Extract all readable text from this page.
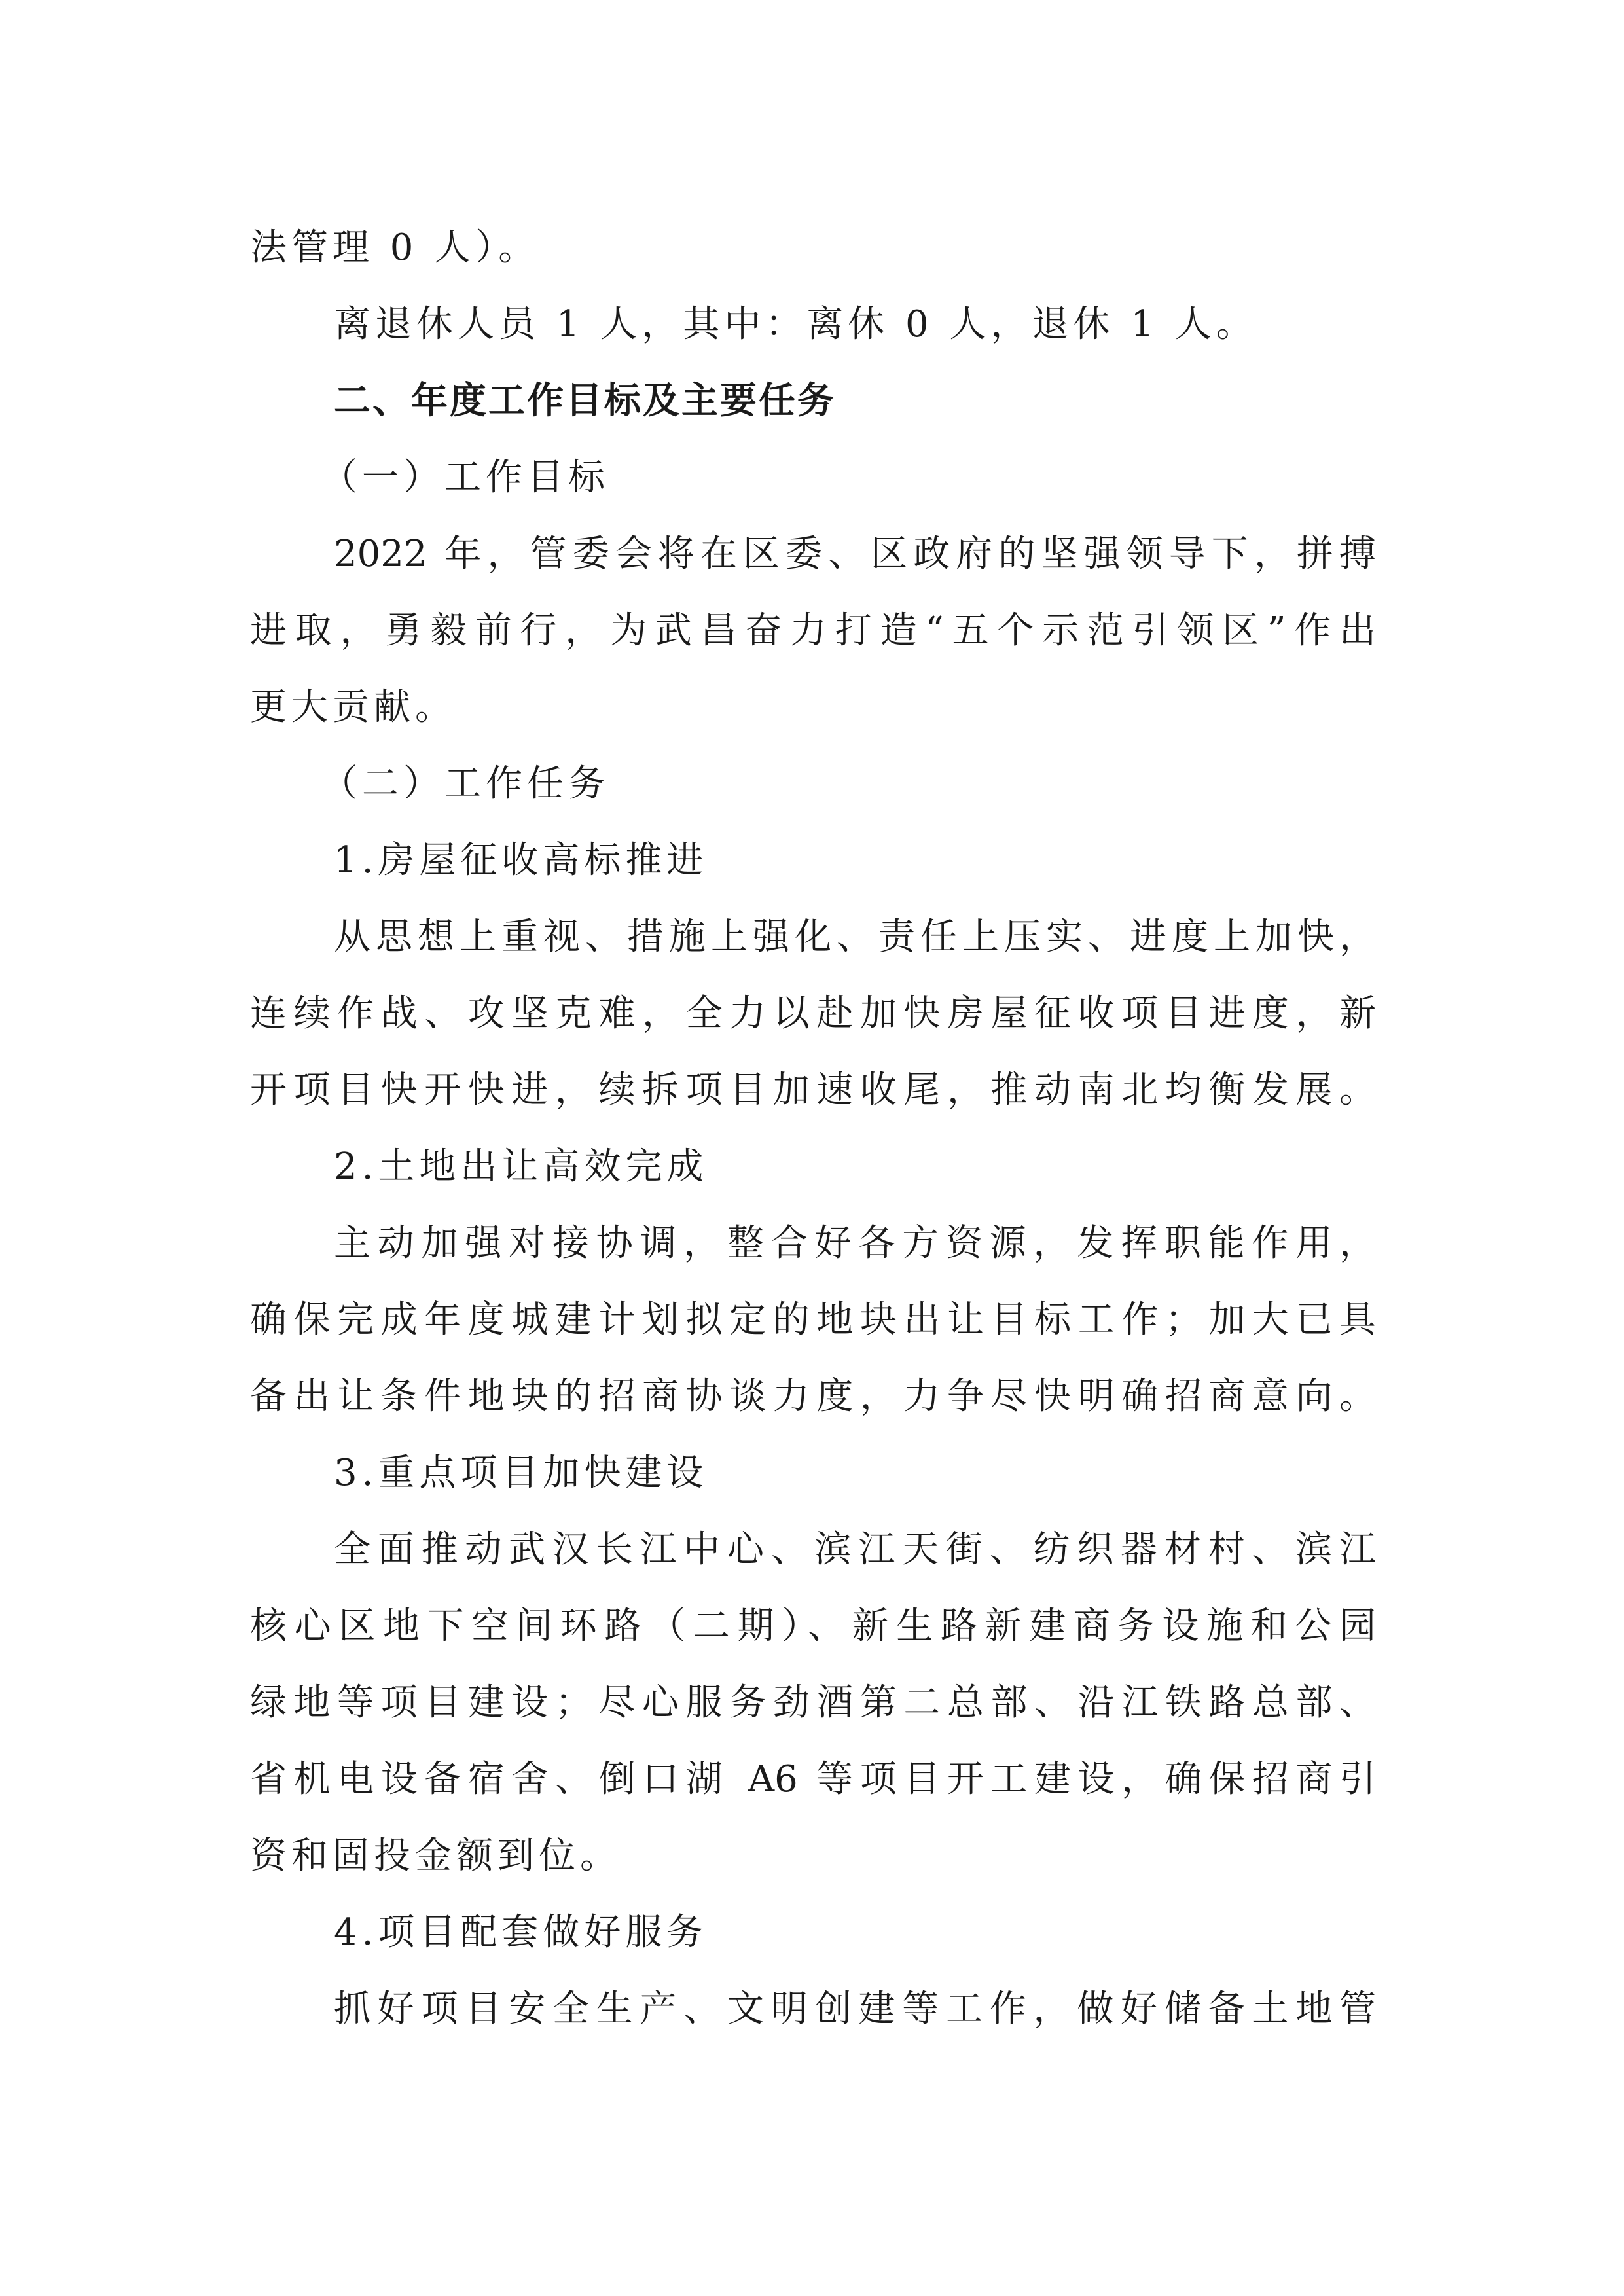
法管理 0 人）。
离退休人员 1 人，其中：离休 0 人，退休 1 人。
二、年度工作目标及主要任务
（一）工作目标
2022 年，管委会将在区委、区政府的坚强领导下，拼搏
进取，勇毅前行，为武昌奋力打造“五个示范引领区”作出
更大贡献。
（二）工作任务
1.房屋征收高标推进
从思想上重视、措施上强化、责任上压实、进度上加快，
连续作战、攻坚克难，全力以赴加快房屋征收项目进度，新
开项目快开快进，续拆项目加速收尾，推动南北均衡发展。
2.土地出让高效完成
主动加强对接协调，整合好各方资源，发挥职能作用，
确保完成年度城建计划拟定的地块出让目标工作；加大已具
备出让条件地块的招商协谈力度，力争尽快明确招商意向。
3.重点项目加快建设
全面推动武汉长江中心、滨江天街、纺织器材村、滨江
核心区地下空间环路（二期）、新生路新建商务设施和公园
绿地等项目建设；尽心服务劲酒第二总部、沿江铁路总部、
省机电设备宿舍、倒口湖 A6 等项目开工建设，确保招商引
资和固投金额到位。
4.项目配套做好服务
抓好项目安全生产、文明创建等工作，做好储备土地管
